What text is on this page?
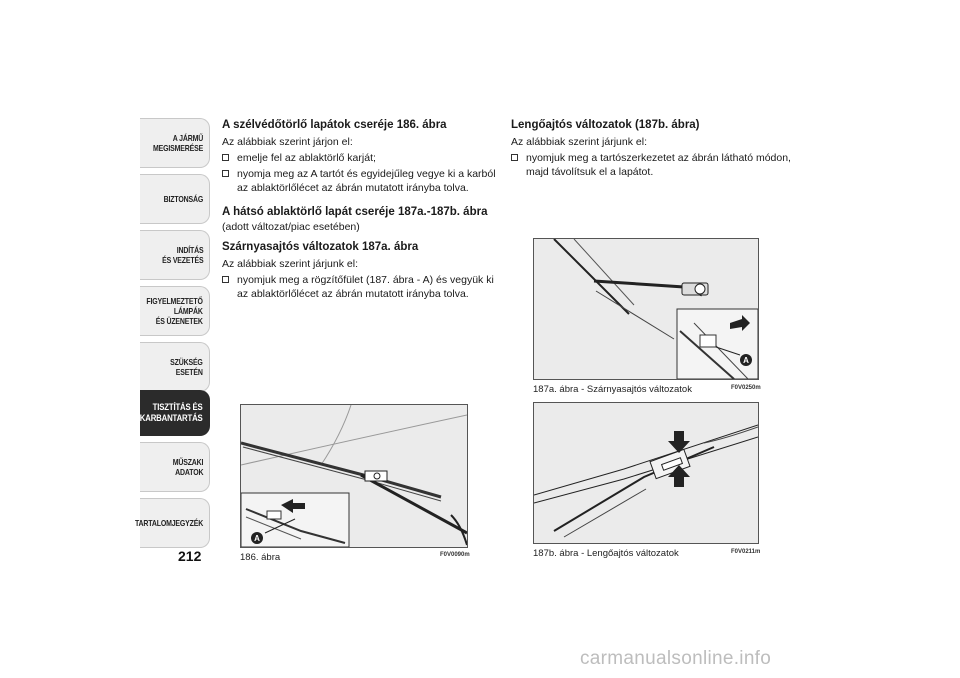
A JÁRMŰ
MEGISMERÉSE
BIZTONSÁG
INDÍTÁS
ÉS VEZETÉS
FIGYELMEZTETŐ
LÁMPÁK
ÉS ÜZENETEK
SZÜKSÉG
ESETÉN
TISZTÍTÁS ÉS
KARBANTARTÁS
MŰSZAKI
ADATOK
TARTALOMJEGYZÉK
212
A szélvédőtörlő lapátok cseréje 186. ábra
Az alábbiak szerint járjon el:
emelje fel az ablaktörlő karját;
nyomja meg az A tartót és egyidejűleg vegye ki a karból az ablaktörlőlécet az ábrán mutatott irányba tolva.
A hátsó ablaktörlő lapát cseréje 187a.-187b. ábra
(adott változat/piac esetében)
Szárnyasajtós változatok 187a. ábra
Az alábbiak szerint járjunk el:
nyomjuk meg a rögzítőfület (187. ábra - A) és vegyük ki az ablaktörlőlécet az ábrán mutatott irányba tolva.
Lengőajtós változatok (187b. ábra)
Az alábbiak szerint járjunk el:
nyomjuk meg a tartószerkezetet az ábrán látható módon, majd távolítsuk el a lapátot.
A
186. ábra	F0V0090m
A
187a. ábra - Szárnyasajtós változatok	F0V0250m
187b. ábra - Lengőajtós változatok	F0V0211m
carmanualsonline.info
